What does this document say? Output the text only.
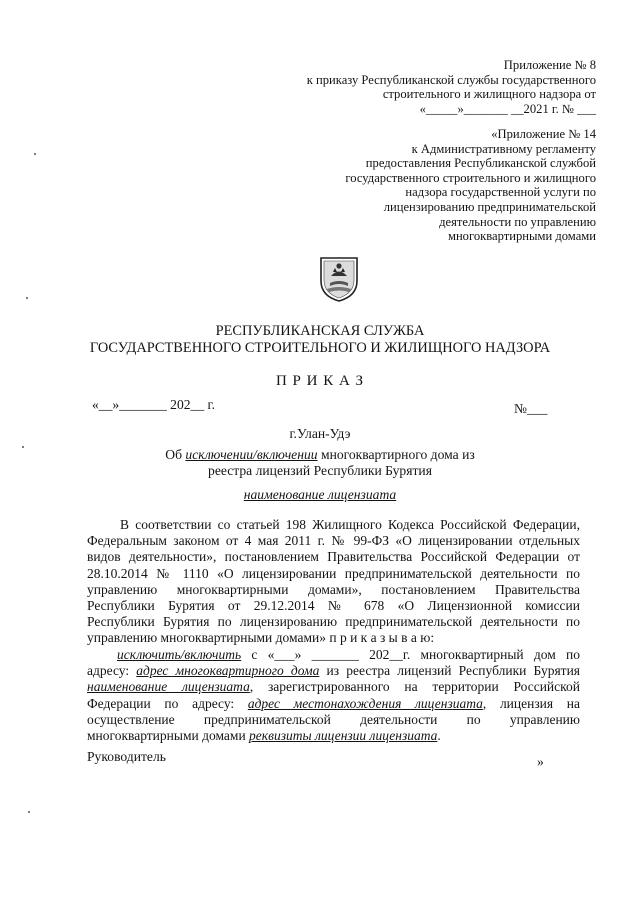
Приложение № 8
к приказу Республиканской службы государственного
строительного и жилищного надзора от
«_____»_______ __2021 г. № ___
«Приложение № 14
к Административному регламенту
предоставления Республиканской службой
государственного строительного и жилищного
надзора государственной услуги по
лицензированию предпринимательской
деятельности по управлению
многоквартирными домами
РЕСПУБЛИКАНСКАЯ СЛУЖБА
ГОСУДАРСТВЕННОГО СТРОИТЕЛЬНОГО И ЖИЛИЩНОГО НАДЗОРА
П Р И К А З
«__»_______ 202__ г.	№___
г.Улан-Удэ
Об исключении/включении многоквартирного дома из
реестра лицензий Республики Бурятия
наименование лицензиата
В соответствии со статьей 198 Жилищного Кодекса Российской Федерации,
Федеральным законом от 4 мая 2011 г. № 99-ФЗ «О лицензировании отдельных
видов деятельности», постановлением Правительства Российской Федерации от
28.10.2014 № 1110 «О лицензировании предпринимательской деятельности по
управлению многоквартирными домами», постановлением Правительства
Республики Бурятия от 29.12.2014 № 678 «О Лицензионной комиссии
Республики Бурятия по лицензированию предпринимательской деятельности по
управлению многоквартирными домами» п р и к а з ы в а ю:
исключить/включить с «___» _______ 202__г. многоквартирный дом по
адресу: адрес многоквартирного дома из реестра лицензий Республики Бурятия
наименование лицензиата, зарегистрированного на территории Российской
Федерации по адресу: адрес местонахождения лицензиата, лицензия на
осуществление предпринимательской деятельности по управлению
многоквартирными домами реквизиты лицензии лицензиата.
Руководитель	»
